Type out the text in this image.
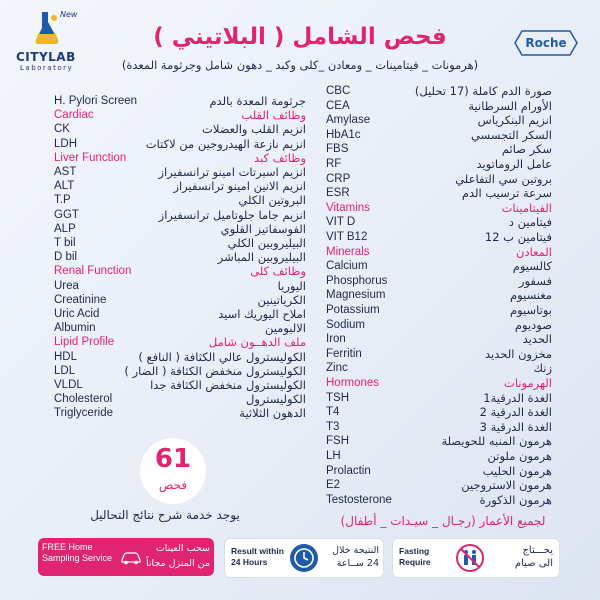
New
CITYLAB
Laboratory
Roche
فحص الشامل ( البلاتيني )
(هرمونات _ فيتامينات _ ومعادن _كلى وكبد _ دهون شامل وجرثومة المعدة)
H. Pylori Screen
Cardiac
CK
LDH
Liver Function
AST
ALT
T.P
GGT
ALP
T bil
D bil
Renal Function
Urea
Creatinine
Uric Acid
Albumin
Lipid Profile
HDL
LDL
VLDL
Cholesterol
Triglyceride
جرثومة المعدة بالدم
وظائف القلب
انزيم القلب والعضلات
انزيم نازعة الهيدروجين من لاكتات
وظائف كبد
انزيم اسبرتات امينو ترانسفيراز
انزيم الانين امينو ترانسفيراز
البروتين الكلي
انزيم جاما جلوتاميل ترانسفيراز
الفوسفاتيز القلوي
البيليروبين الكلي
البيليروبين المباشر
وظائف كلى
اليوريا
الكرياتينين
املاح اليوريك اسيد
الالبومين
ملف الدهــون شامل
الكوليسترول عالي الكثافة ( النافع )
الكوليسترول منخفض الكثافة ( الضار )
الكوليسترول منخفض الكثافة جدا
الكوليسترول
الدهون الثلاثية
CBC
CEA
Amylase
HbA1c
FBS
RF
CRP
ESR
Vitamins
VIT D
VIT B12
Minerals
Calcium
Phosphorus
Magnesium
Potassium
Sodium
Iron
Ferritin
Zinc
Hormones
TSH
T4
T3
FSH
LH
Prolactin
E2
Testosterone
صورة الدم كاملة (17 تحليل)
الأورام السرطانية
انزيم البنكرياس
السكر التجسسي
سكر صائم
عامل الروماتويد
بروتين سي التفاعلي
سرعة ترسيب الدم
الفيتامينات
فيتامين د
فيتامين ب 12
المعادن
كالسيوم
فسفور
مغنسيوم
بوتاسيوم
صوديوم
الحديد
مخزون الحديد
زنك
الهرمونات
الغدة الدرقية1
الغدة الدرقية 2
الغدة الدرقية 3
هرمون المنبه للحويصلة
هرمون ملوتن
هرمون الحليب
هرمون الاستروجين
هرمون الذكورة
61
فحص
يوجد خدمة شرح نتائج التحاليل	لجميع الأعمار (رجـال _ سيـدات _ أطفال)
FREE Home Sampling Service
سحب العينات
من المنزل مجاناً
Result within
24 Hours
النتيجة خلال
24 ســاعة
Fasting
Require
يحـــتاج
الى صيام
